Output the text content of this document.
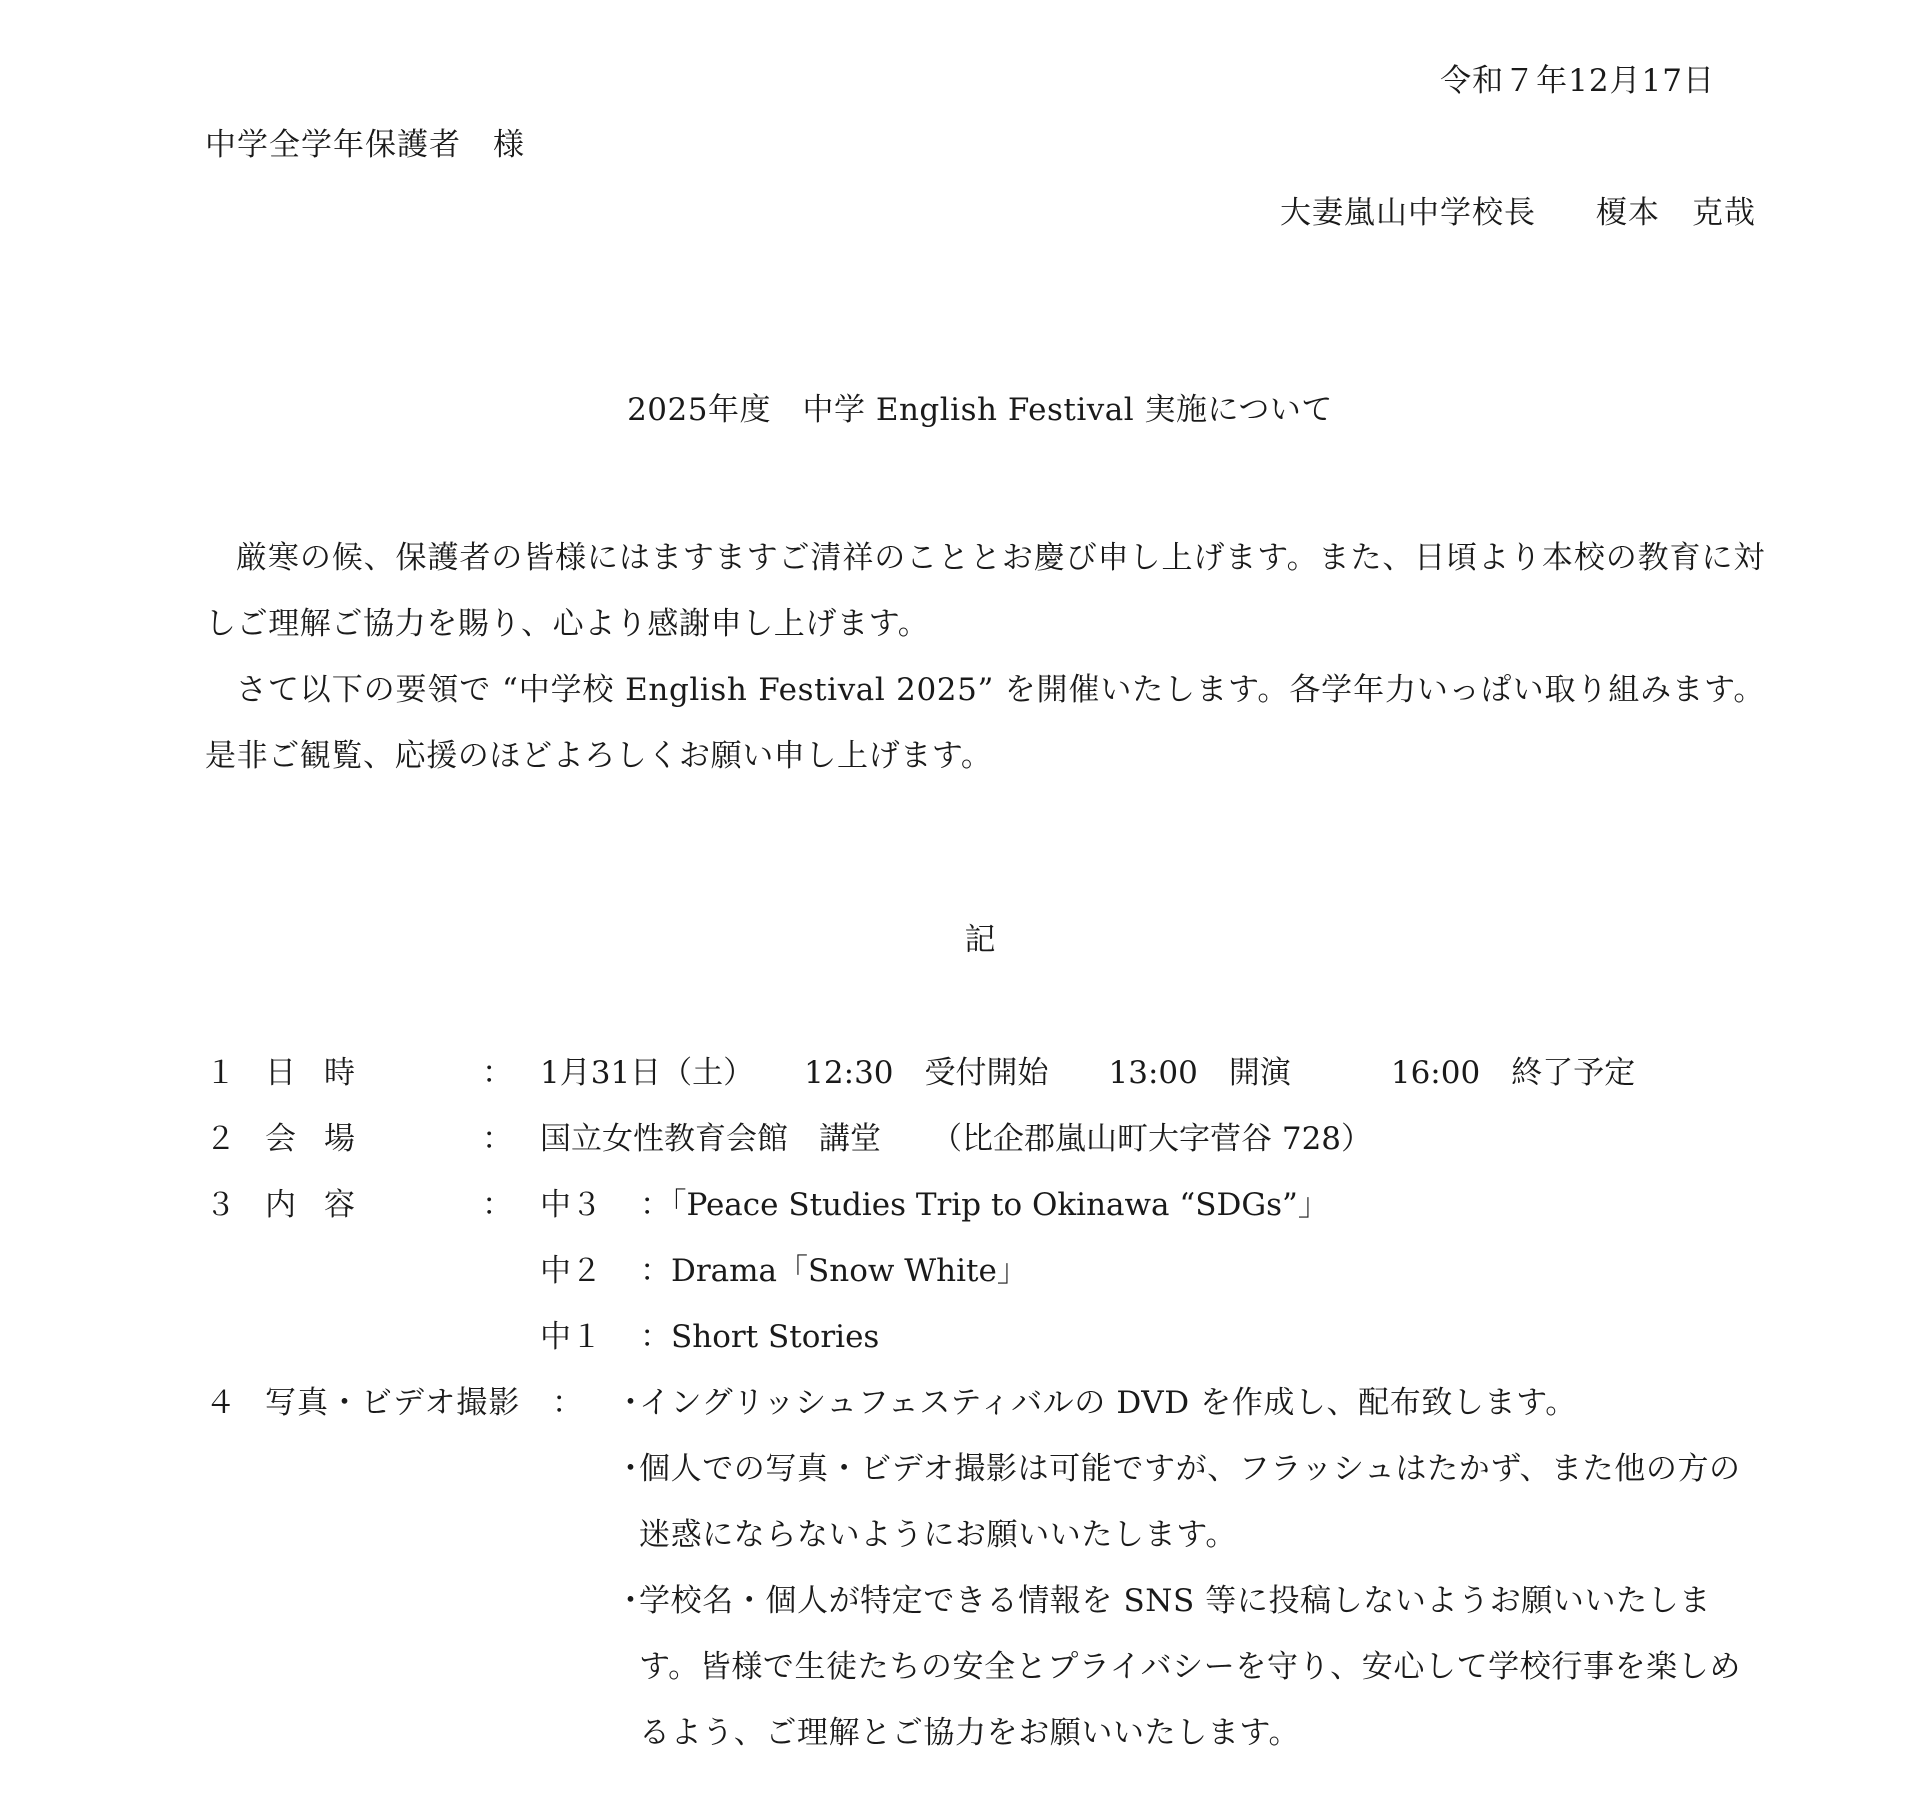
令和７年12月17日
中学全学年保護者　様
大妻嵐山中学校長 榎本　克哉
2025年度　中学 English Festival 実施について
厳寒の候、保護者の皆様にはますますご清祥のこととお慶び申し上げます。また、日頃より本校の教育に対しご理解ご協力を賜り、心より感謝申し上げます。
さて以下の要領で “中学校 English Festival 2025” を開催いたします。各学年力いっぱい取り組みます。是非ご観覧、応援のほどよろしくお願い申し上げます。
記
１ 日時	： 1月31日（土） 12:30　受付開始 13:00　開演	16:00　終了予定
２ 会場	： 国立女性教育会館　講堂 （比企郡嵐山町大字菅谷 728）
３ 内容	： 中３ ：「Peace Studies Trip to Okinawa “SDGs”」
中２ ：Drama「Snow White」
中１ ：Short Stories
４ 写真・ビデオ撮影 ： ・
イングリッシュフェスティバルの DVD を作成し、配布致します。
・
個人での写真・ビデオ撮影は可能ですが、フラッシュはたかず、また他の方の迷惑にならないようにお願いいたします。
・
学校名・個人が特定できる情報を SNS 等に投稿しないようお願いいたします。皆様で生徒たちの安全とプライバシーを守り、安心して学校行事を楽しめるよう、ご理解とご協力をお願いいたします。
